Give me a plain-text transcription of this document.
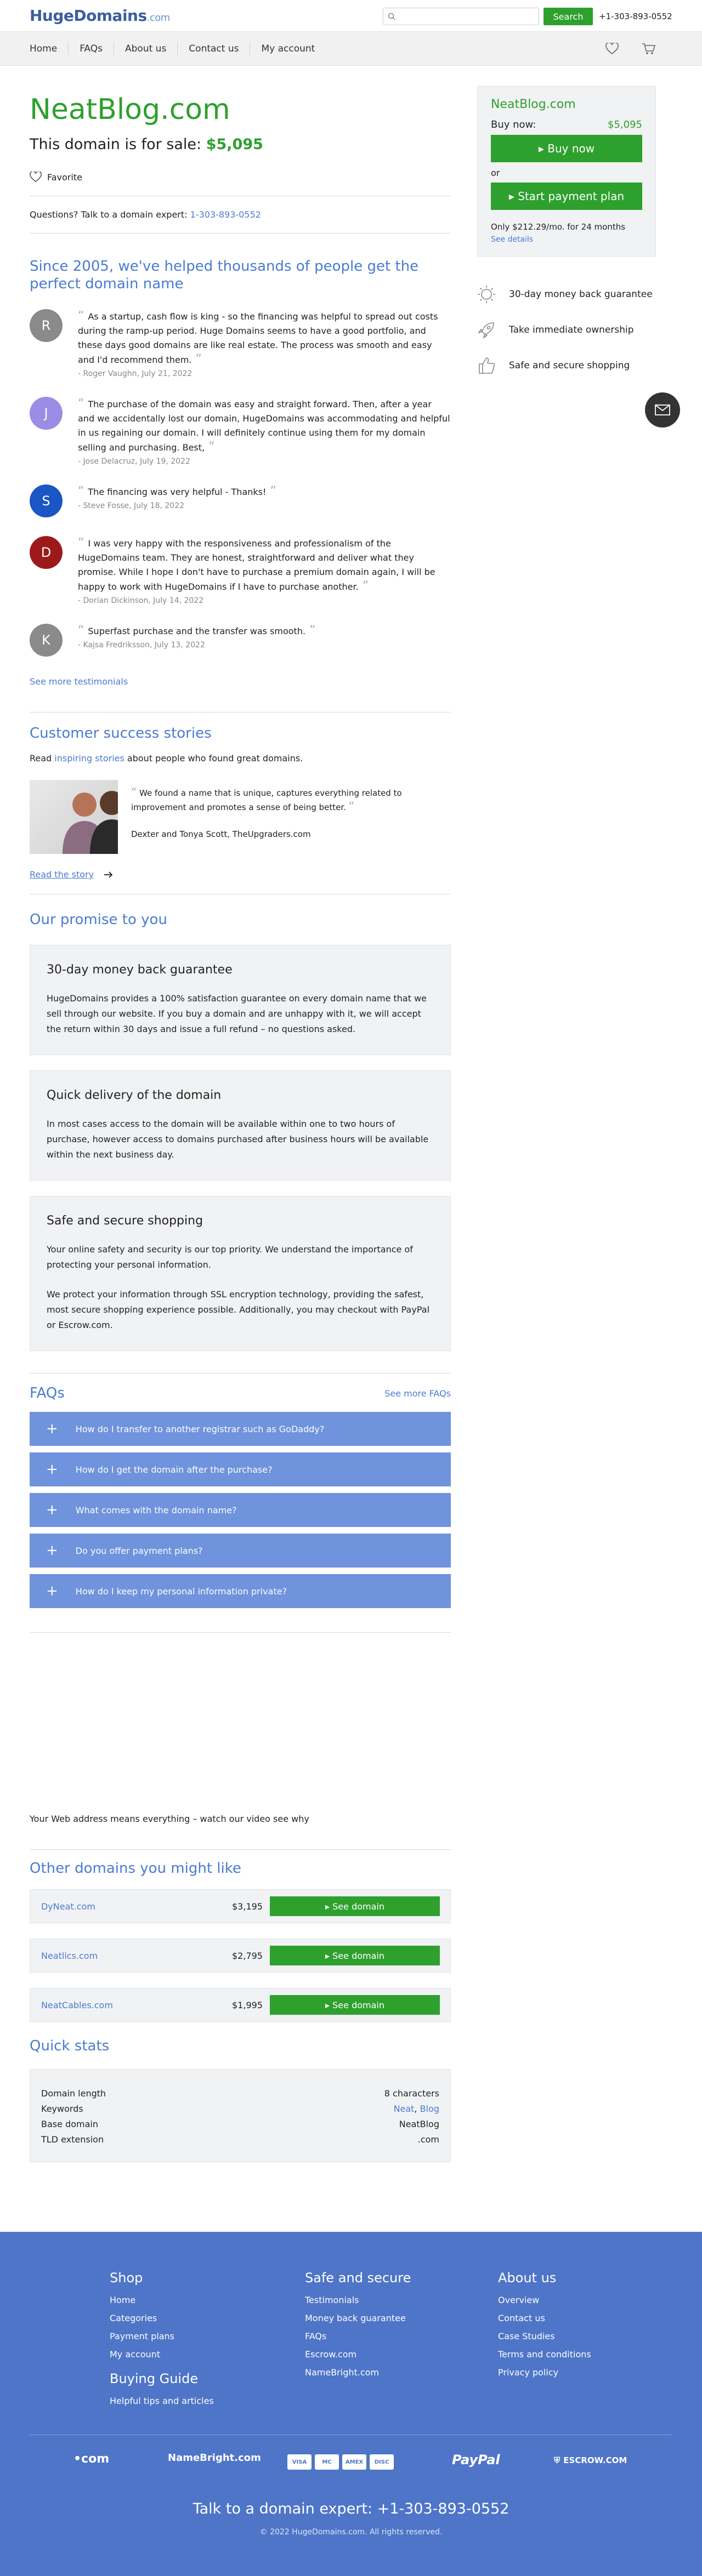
HugeDomains.com	Search	+1-303-893-0552
Home	FAQs	About us	Contact us	My account
NeatBlog.com
This domain is for sale: $5,095
Favorite
Questions? Talk to a domain expert: 1-303-893-0552
Since 2005, we've helped thousands of people get the perfect domain name
R
“ As a startup, cash flow is king - so the financing was helpful to spread out costs during the ramp-up period. Huge Domains seems to have a good portfolio, and these days good domains are like real estate. The process was smooth and easy and I'd recommend them. ”
- Roger Vaughn, July 21, 2022
J
“ The purchase of the domain was easy and straight forward. Then, after a year and we accidentally lost our domain, HugeDomains was accommodating and helpful in us regaining our domain. I will definitely continue using them for my domain selling and purchasing. Best, ”
- Jose Delacruz, July 19, 2022
S
“ The financing was very helpful - Thanks! ”
- Steve Fosse, July 18, 2022
D
“ I was very happy with the responsiveness and professionalism of the HugeDomains team. They are honest, straightforward and deliver what they promise. While I hope I don't have to purchase a premium domain again, I will be happy to work with HugeDomains if I have to purchase another. ”
- Dorian Dickinson, July 14, 2022
K
“ Superfast purchase and the transfer was smooth. ”
- Kajsa Fredriksson, July 13, 2022
See more testimonials
Customer success stories
Read inspiring stories about people who found great domains.
“ We found a name that is unique, captures everything related to improvement and promotes a sense of being better. ”
Dexter and Tonya Scott, TheUpgraders.com
Read the story
Our promise to you
30-day money back guarantee

HugeDomains provides a 100% satisfaction guarantee on every domain name that we sell through our website. If you buy a domain and are unhappy with it, we will accept the return within 30 days and issue a full refund – no questions asked.

Quick delivery of the domain

In most cases access to the domain will be available within one to two hours of purchase, however access to domains purchased after business hours will be available within the next business day.

Safe and secure shopping

Your online safety and security is our top priority. We understand the importance of protecting your personal information.

We protect your information through SSL encryption technology, providing the safest, most secure shopping experience possible. Additionally, you may checkout with PayPal or Escrow.com.

FAQs	See more FAQs
+ How do I transfer to another registrar such as GoDaddy?
+ How do I get the domain after the purchase?
+ What comes with the domain name?
+ Do you offer payment plans?
+ How do I keep my personal information private?
Your Web address means everything – watch our video see why
Other domains you might like
DyNeat.com	$3,195	▸ See domain
Neatlics.com	$2,795	▸ See domain
NeatCables.com	$1,995	▸ See domain
Quick stats
Domain length	8 characters
Keywords	Neat, Blog
Base domain	NeatBlog
TLD extension	.com
NeatBlog.com
Buy now:	$5,095
▸ Buy now
or
▸ Start payment plan
Only $212.29/mo. for 24 months
See details
30-day money back guarantee
Take immediate ownership
Safe and secure shopping
Shop
Home
Categories
Payment plans
My account
Buying Guide
Helpful tips and articles
Safe and secure
Testimonials
Money back guarantee
FAQs
Escrow.com
NameBright.com
About us
Overview
Contact us
Case Studies
Terms and conditions
Privacy policy
•com	NameBright.com	VISA	MC	AMEX	DISC	PayPal	⛨ ESCROW.COM
Talk to a domain expert: +1-303-893-0552
© 2022 HugeDomains.com. All rights reserved.
